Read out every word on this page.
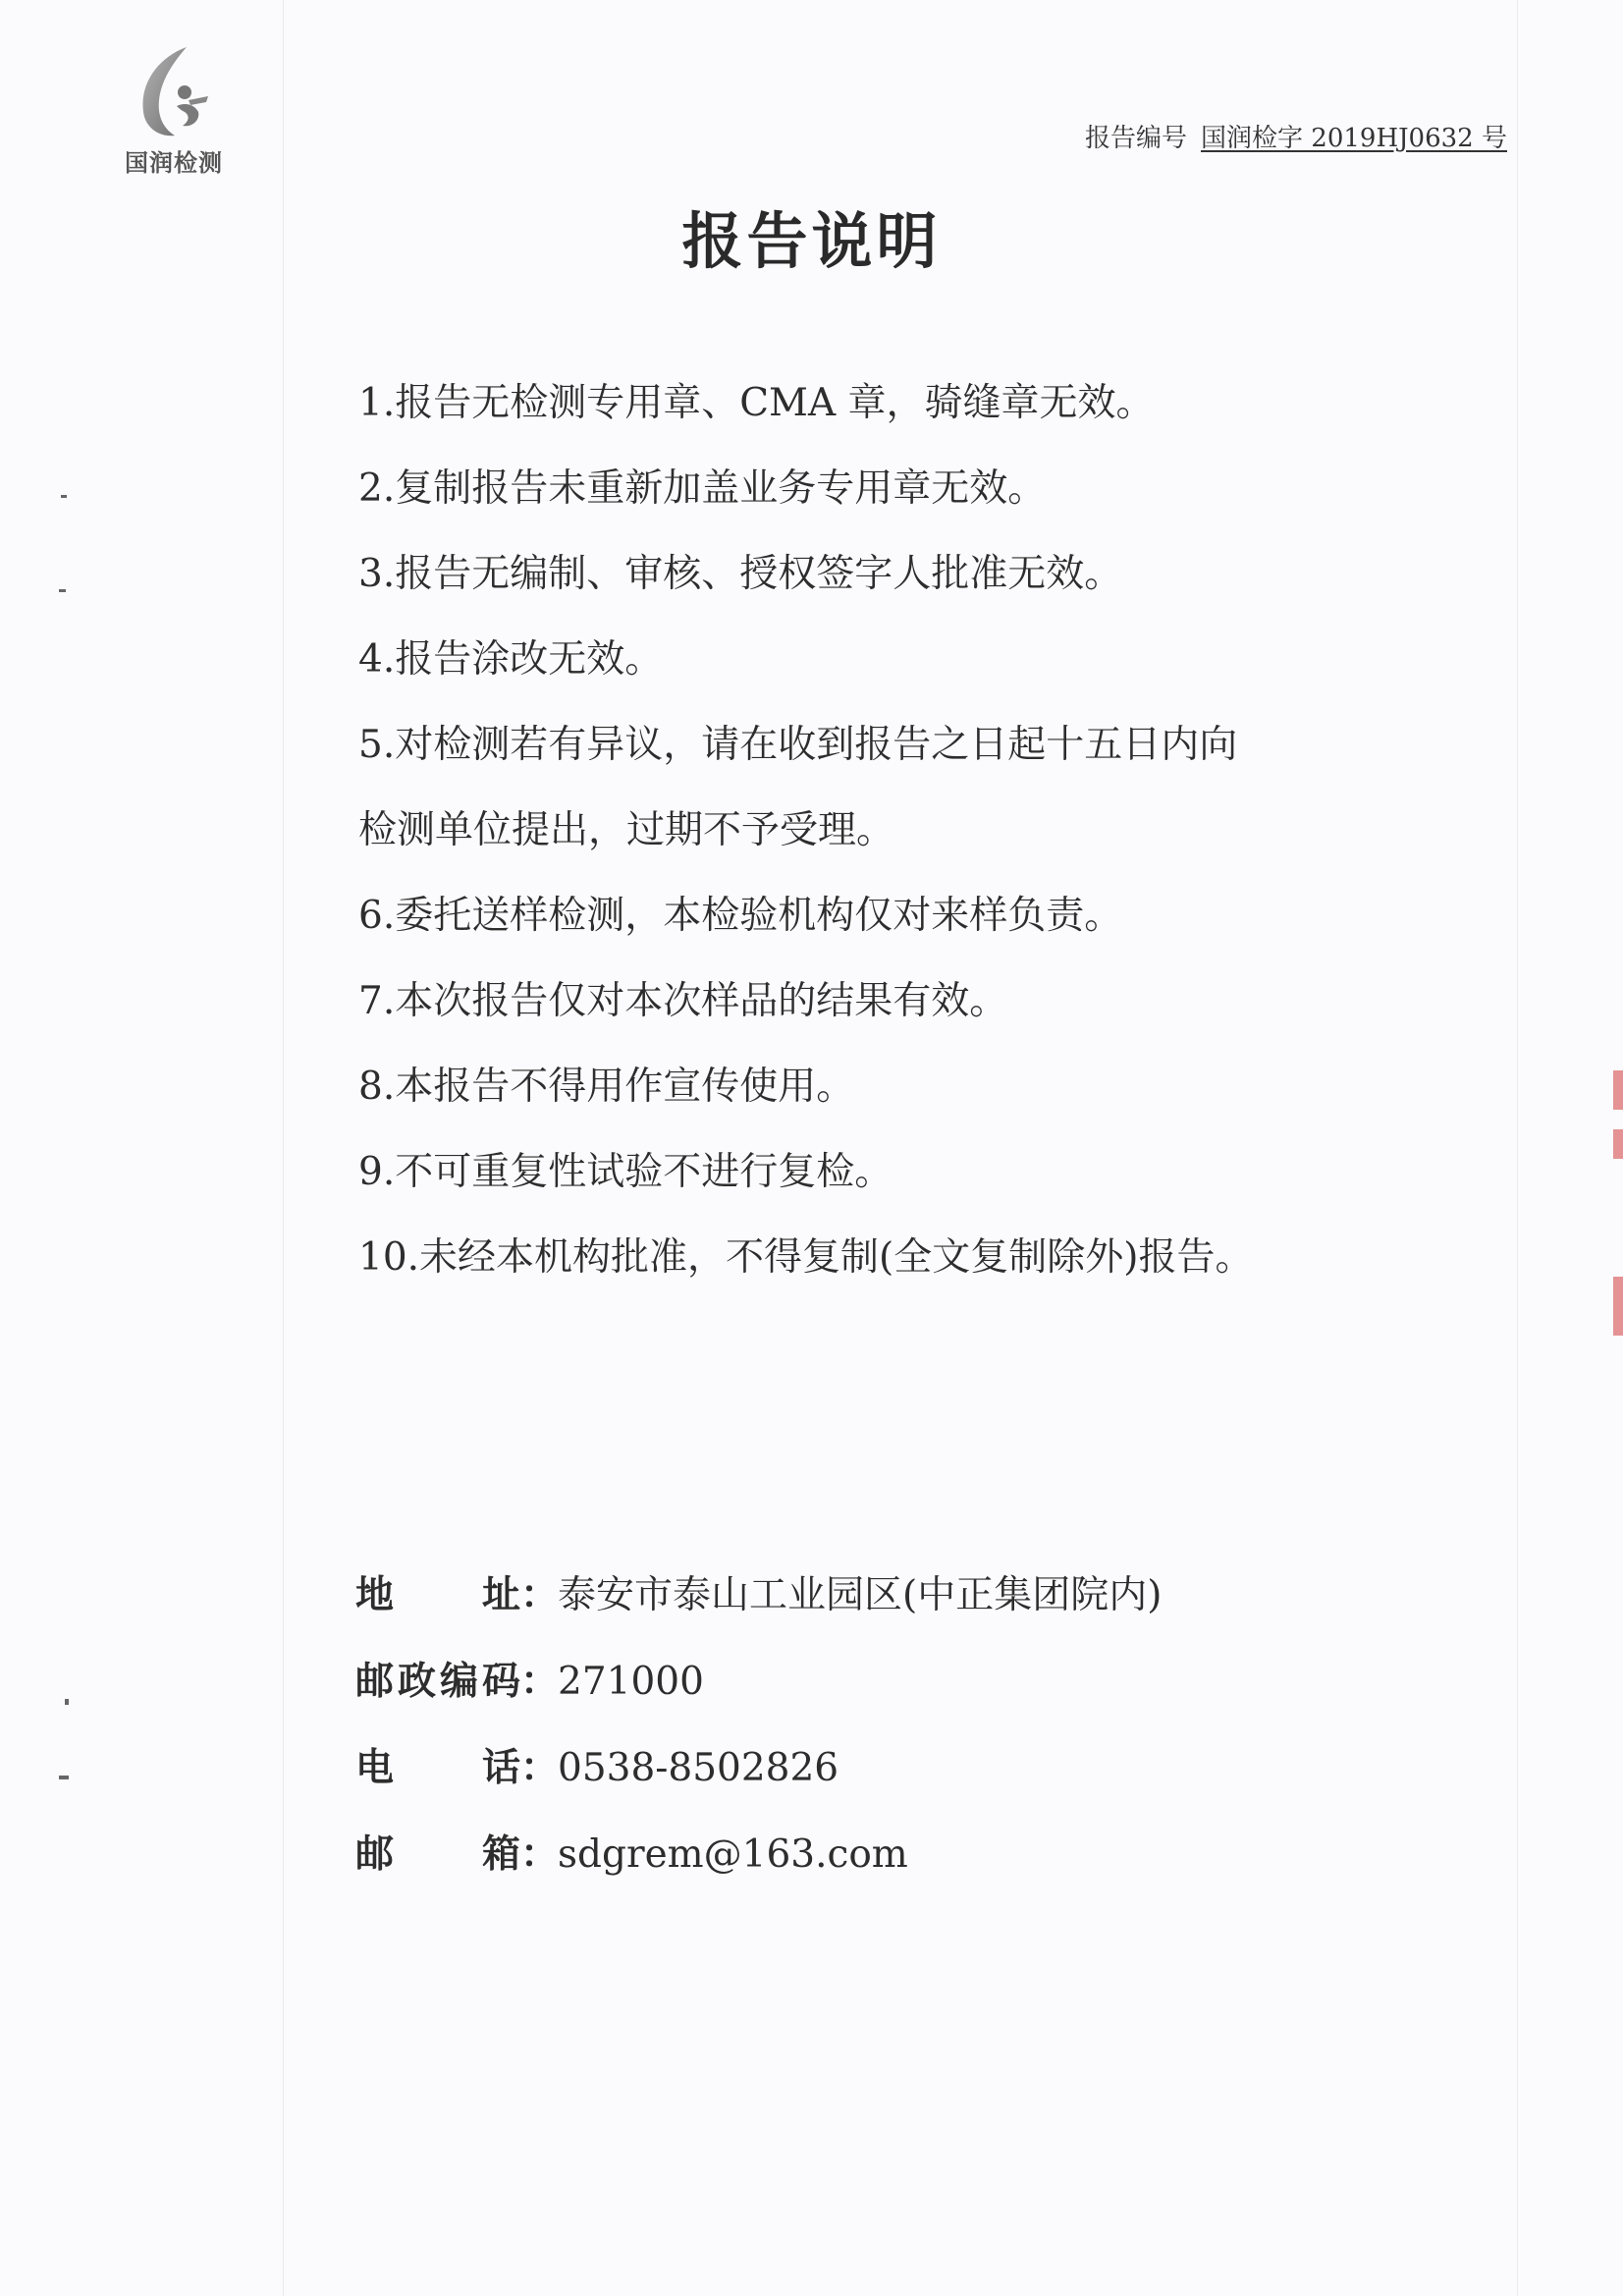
国润检测
报告编号 国润检字 2019HJ0632 号
报告说明
1.报告无检测专用章、CMA 章，骑缝章无效。
2.复制报告未重新加盖业务专用章无效。
3.报告无编制、审核、授权签字人批准无效。
4.报告涂改无效。
5.对检测若有异议，请在收到报告之日起十五日内向
检测单位提出，过期不予受理。
6.委托送样检测，本检验机构仅对来样负责。
7.本次报告仅对本次样品的结果有效。
8.本报告不得用作宣传使用。
9.不可重复性试验不进行复检。
10.未经本机构批准，不得复制(全文复制除外)报告。
地址：泰安市泰山工业园区(中正集团院内)
邮政编码：271000
电话：0538-8502826
邮箱：sdgrem@163.com
